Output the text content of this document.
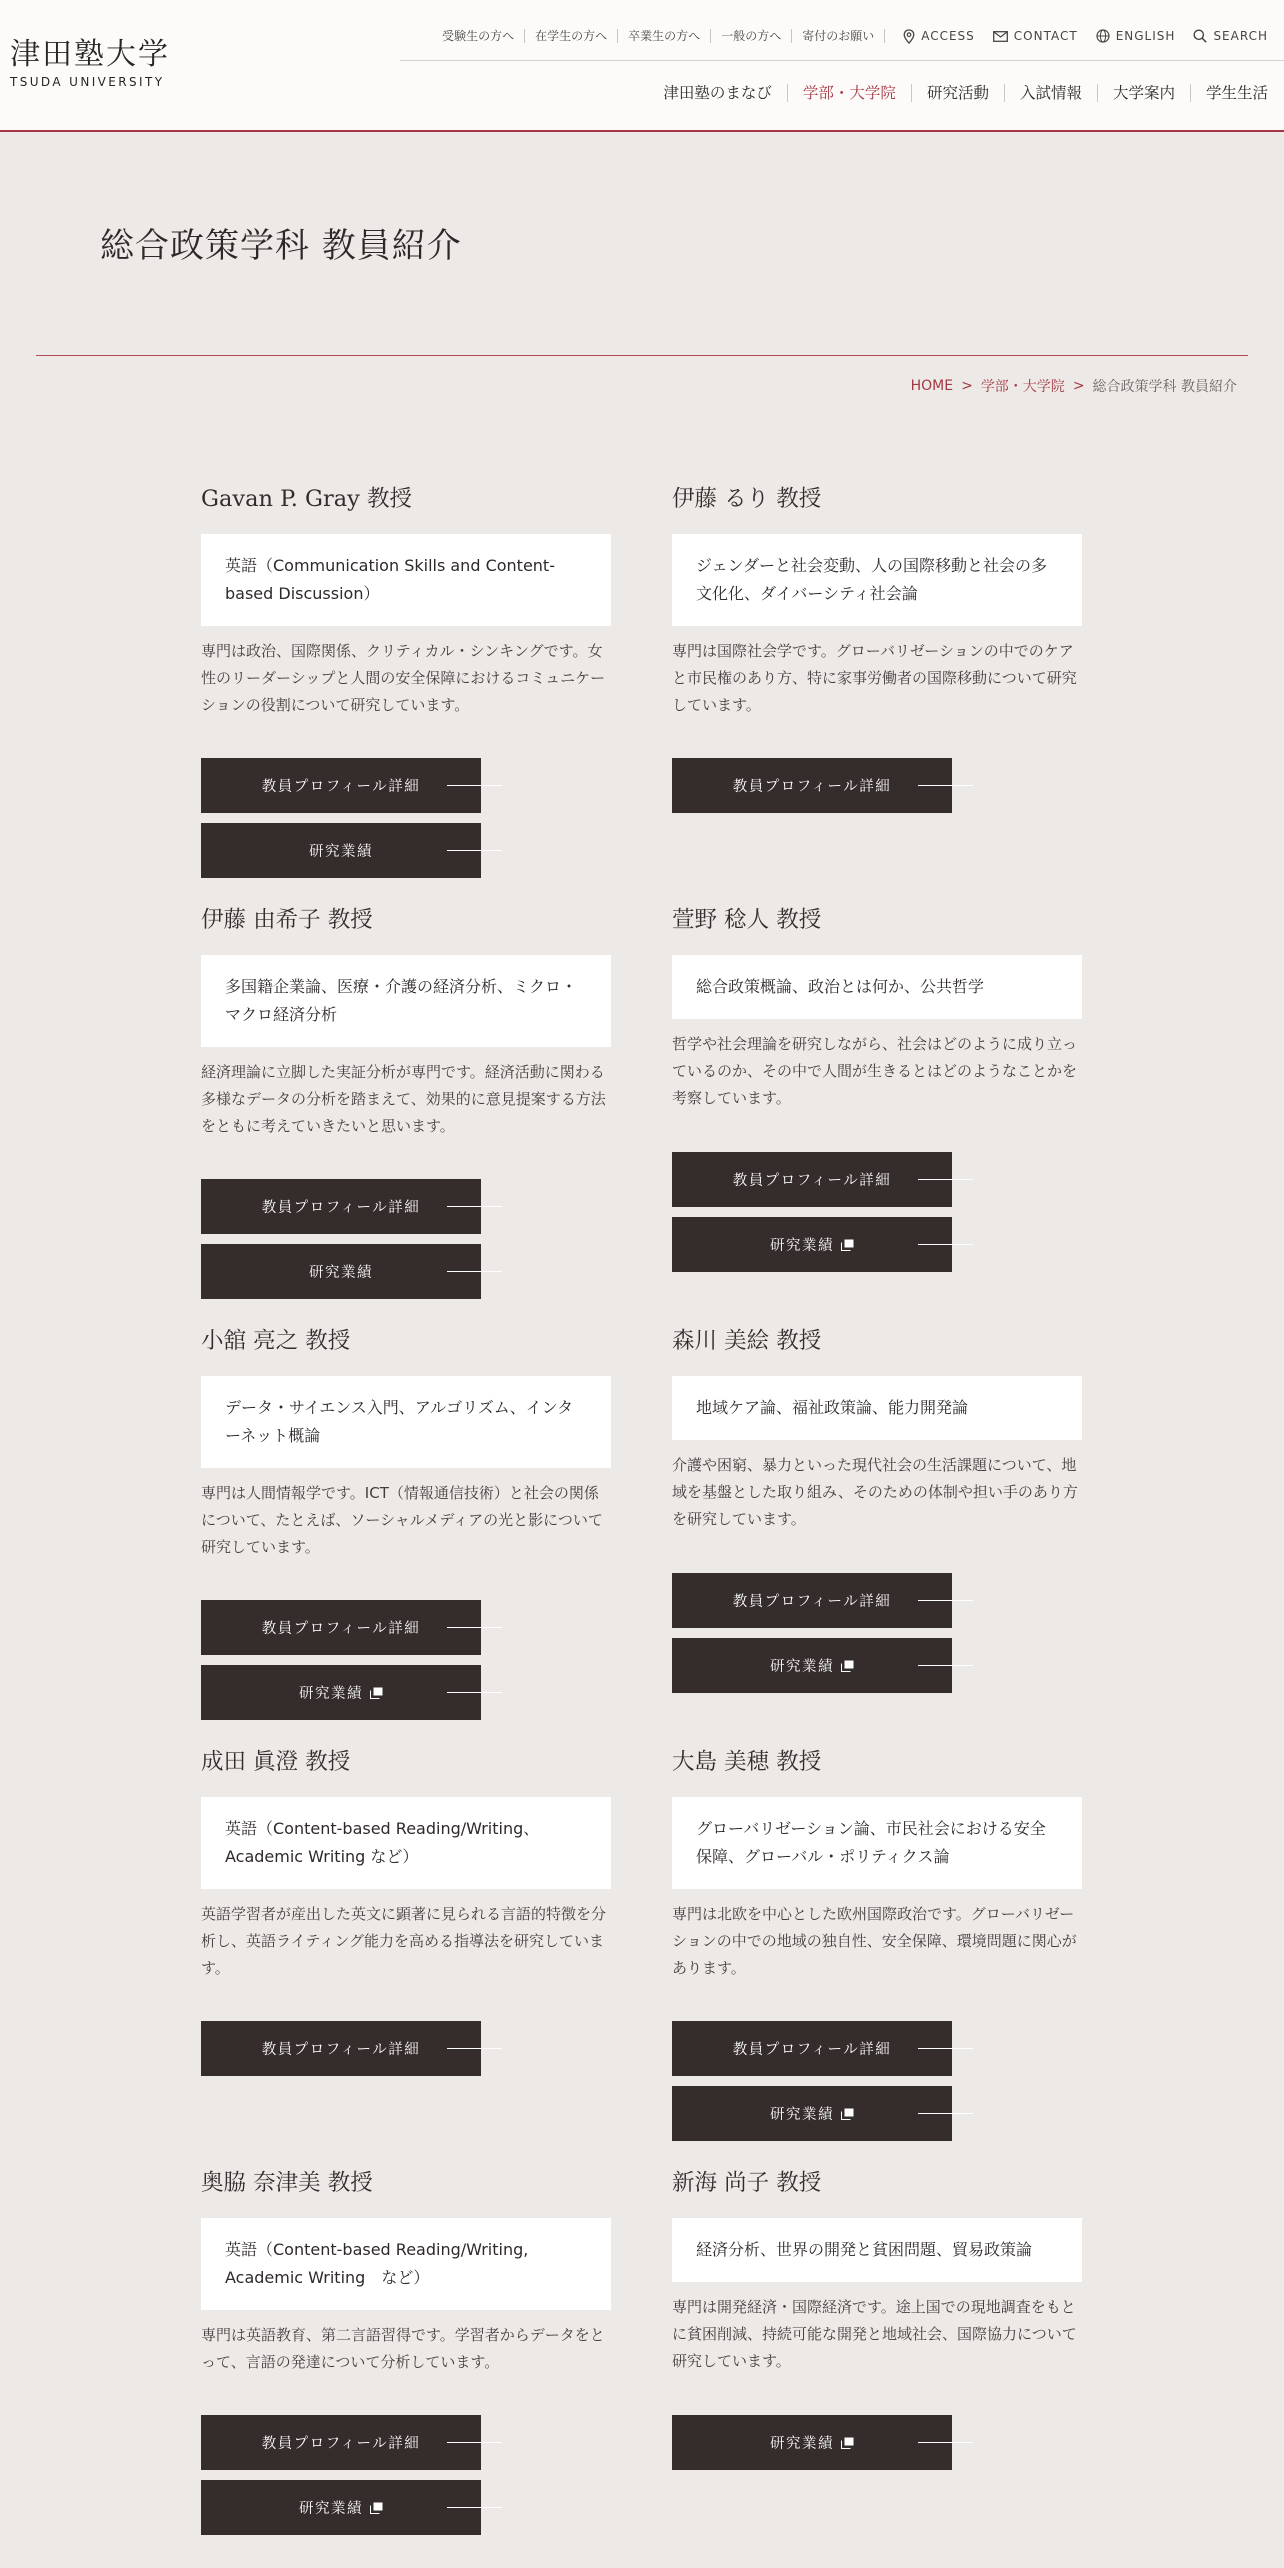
津田塾大学
TSUDA UNIVERSITY
受験生の方へ	在学生の方へ	卒業生の方へ	一般の方へ	寄付のお願い	ACCESS	CONTACT	ENGLISH	SEARCH
津田塾のまなび	学部・大学院	研究活動	入試情報	大学案内	学生生活
総合政策学科 教員紹介
HOME > 学部・大学院 > 総合政策学科 教員紹介
Gavan P. Gray 教授
英語（Communication Skills and Content-based Discussion）

専門は政治、国際関係、クリティカル・シンキングです。女性のリーダーシップと人間の安全保障におけるコミュニケーションの役割について研究しています。

教員プロフィール詳細
研究業績
伊藤 るり 教授
ジェンダーと社会変動、人の国際移動と社会の多文化化、ダイバーシティ社会論

専門は国際社会学です。グローバリゼーションの中でのケアと市民権のあり方、特に家事労働者の国際移動について研究しています。

教員プロフィール詳細
伊藤 由希子 教授
多国籍企業論、医療・介護の経済分析、ミクロ・マクロ経済分析

経済理論に立脚した実証分析が専門です。経済活動に関わる多様なデータの分析を踏まえて、効果的に意見提案する方法をともに考えていきたいと思います。

教員プロフィール詳細
研究業績
萱野 稔人 教授
総合政策概論、政治とは何か、公共哲学

哲学や社会理論を研究しながら、社会はどのように成り立っているのか、その中で人間が生きるとはどのようなことかを考察しています。

教員プロフィール詳細
研究業績
小舘 亮之 教授
データ・サイエンス入門、アルゴリズム、インターネット概論

専門は人間情報学です。ICT（情報通信技術）と社会の関係について、たとえば、ソーシャルメディアの光と影について研究しています。

教員プロフィール詳細
研究業績
森川 美絵 教授
地域ケア論、福祉政策論、能力開発論

介護や困窮、暴力といった現代社会の生活課題について、地域を基盤とした取り組み、そのための体制や担い手のあり方を研究しています。

教員プロフィール詳細
研究業績
成田 眞澄 教授
英語（Content-based Reading/Writing、Academic Writing など）

英語学習者が産出した英文に顕著に見られる言語的特徴を分析し、英語ライティング能力を高める指導法を研究しています。

教員プロフィール詳細
大島 美穂 教授
グローバリゼーション論、市民社会における安全保障、グローバル・ポリティクス論

専門は北欧を中心とした欧州国際政治です。グローバリゼーションの中での地域の独自性、安全保障、環境問題に関心があります。

教員プロフィール詳細
研究業績
奥脇 奈津美 教授
英語（Content-based Reading/Writing, Academic Writing　など）

専門は英語教育、第二言語習得です。学習者からデータをとって、言語の発達について分析しています。

教員プロフィール詳細
研究業績
新海 尚子 教授
経済分析、世界の開発と貧困問題、貿易政策論

専門は開発経済・国際経済です。途上国での現地調査をもとに貧困削減、持続可能な開発と地域社会、国際協力について研究しています。

研究業績
